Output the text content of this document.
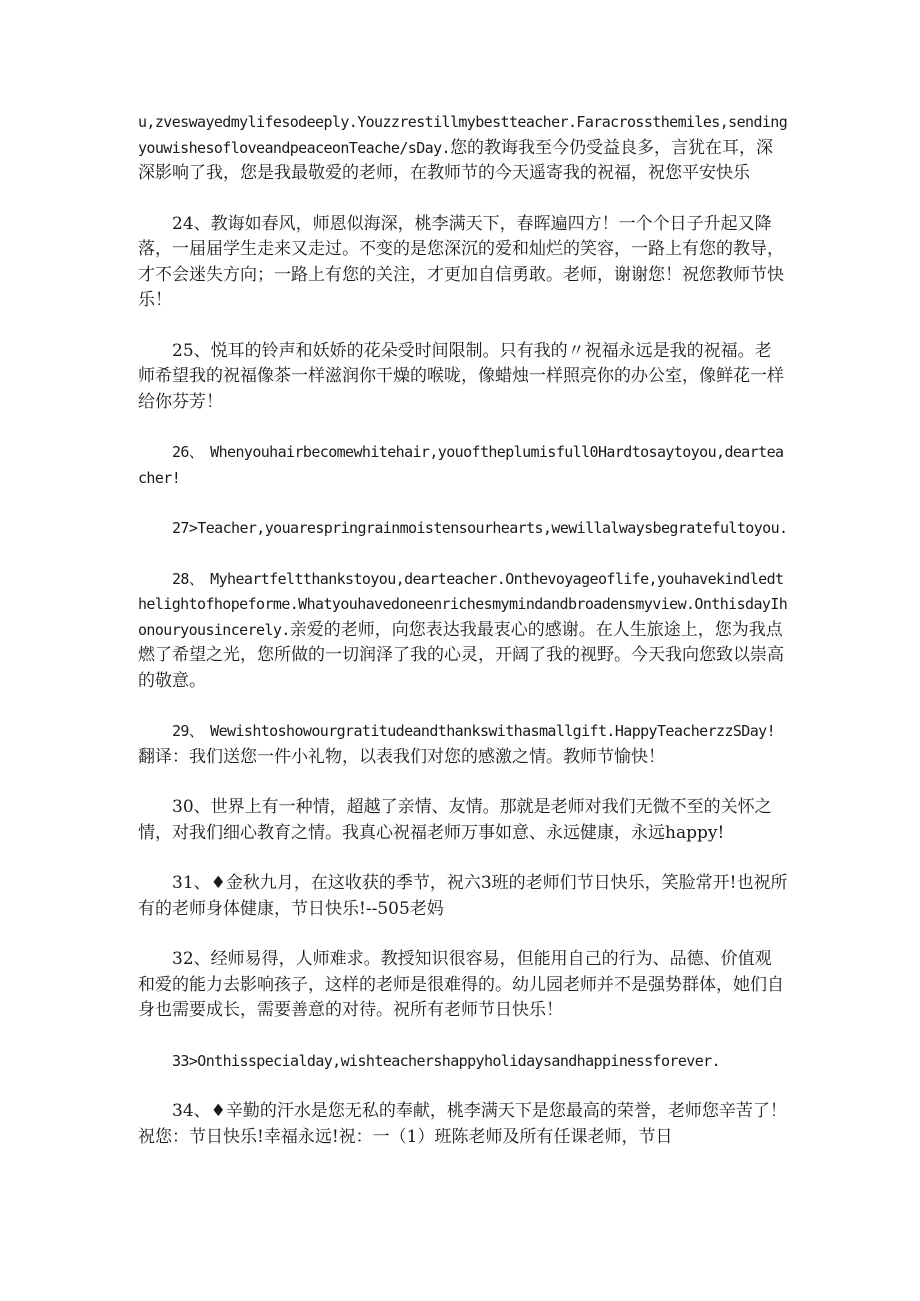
u,zveswayedmylifesodeeply.Youzzrestillmybestteacher.Faracrossthemiles,sendingyouwishesofloveandpeaceonTeache/sDay.您的教诲我至今仍受益良多，言犹在耳，深深影响了我，您是我最敬爱的老师，在教师节的今天遥寄我的祝福，祝您平安快乐

24、教诲如春风，师恩似海深，桃李满天下，春晖遍四方！一个个日子升起又降落，一届届学生走来又走过。不变的是您深沉的爱和灿烂的笑容，一路上有您的教导，才不会迷失方向；一路上有您的关注，才更加自信勇敢。老师，谢谢您！祝您教师节快乐！

25、悦耳的铃声和妖娇的花朵受时间限制。只有我的〃祝福永远是我的祝福。老师希望我的祝福像茶一样滋润你干燥的喉咙，像蜡烛一样照亮你的办公室，像鲜花一样给你芬芳！

26、　Whenyouhairbecomewhitehair,youoftheplumisfull0Hardtosaytoyou,dearteacher!

27>Teacher,youarespringrainmoistensourhearts,wewillalwaysbegratefultoyou.

28、　Myheartfeltthankstoyou,dearteacher.Onthevoyageoflife,youhavekindledthelightofhopeforme.Whatyouhavedoneenrichesmymindandbroadensmyview.OnthisdayIhonouryousincerely.亲爱的老师，向您表达我最衷心的感谢。在人生旅途上，您为我点燃了希望之光，您所做的一切润泽了我的心灵，开阔了我的视野。今天我向您致以崇高的敬意。

29、　Wewishtoshowourgratitudeandthankswithasmallgift.HappyTeacherzzSDay!翻译：我们送您一件小礼物，以表我们对您的感激之情。教师节愉快！

30、世界上有一种情，超越了亲情、友情。那就是老师对我们无微不至的关怀之情，对我们细心教育之情。我真心祝福老师万事如意、永远健康，永远happy!

31、♦金秋九月，在这收获的季节，祝六3班的老师们节日快乐，笑脸常开!也祝所有的老师身体健康，节日快乐!--505老妈

32、经师易得，人师难求。教授知识很容易，但能用自己的行为、品德、价值观和爱的能力去影响孩子，这样的老师是很难得的。幼儿园老师并不是强势群体，她们自身也需要成长，需要善意的对待。祝所有老师节日快乐！

33>Onthisspecialday,wishteachershappyholidaysandhappinessforever.

34、♦辛勤的汗水是您无私的奉献，桃李满天下是您最高的荣誉，老师您辛苦了！祝您：节日快乐!幸福永远!祝：一（1）班陈老师及所有任课老师，节日
